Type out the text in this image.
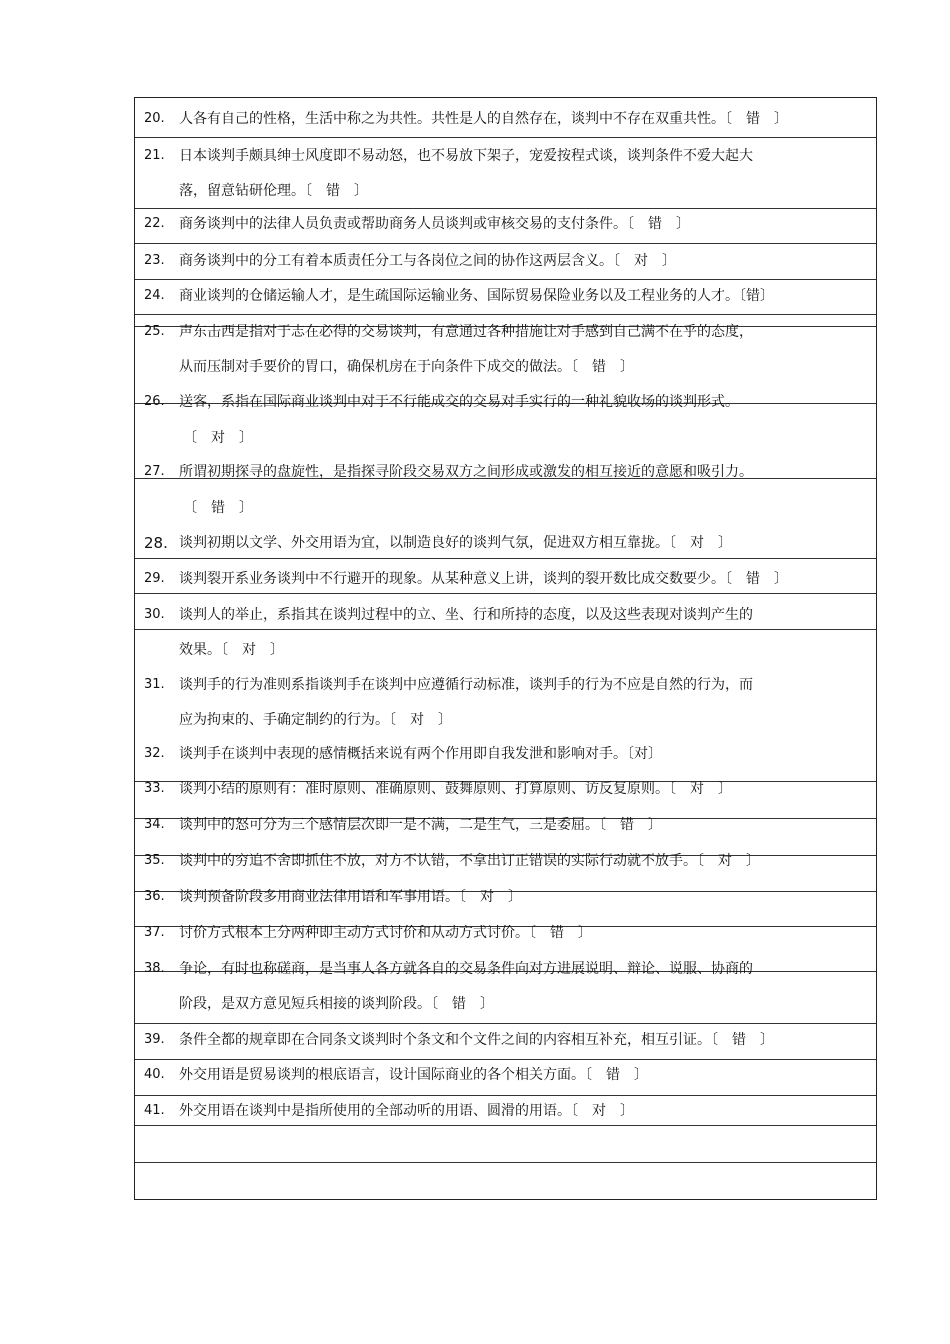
20. 人各有自己的性格，生活中称之为共性。共性是人的自然存在，谈判中不存在双重共性。〔　错　〕
21. 日本谈判手颇具绅士风度即不易动怒，也不易放下架子，宠爱按程式谈，谈判条件不爱大起大
落，留意钻研伦理。〔　错　〕
22. 商务谈判中的法律人员负责或帮助商务人员谈判或审核交易的支付条件。〔　错　〕
23. 商务谈判中的分工有着本质责任分工与各岗位之间的协作这两层含义。〔　对　〕
24. 商业谈判的仓储运输人才，是生疏国际运输业务、国际贸易保险业务以及工程业务的人才。〔错〕
25. 声东击西是指对于志在必得的交易谈判，有意通过各种措施让对手感到自己满不在乎的态度，
从而压制对手要价的胃口，确保机房在于向条件下成交的做法。〔　错　〕
26. 送客，系指在国际商业谈判中对于不行能成交的交易对手实行的一种礼貌收场的谈判形式。
〔　对　〕
27. 所谓初期探寻的盘旋性，是指探寻阶段交易双方之间形成或激发的相互接近的意愿和吸引力。
〔　错　〕
28. 谈判初期以文学、外交用语为宜，以制造良好的谈判气氛，促进双方相互靠拢。〔　对　〕
29. 谈判裂开系业务谈判中不行避开的现象。从某种意义上讲，谈判的裂开数比成交数要少。〔　错　〕
30. 谈判人的举止，系指其在谈判过程中的立、坐、行和所持的态度，以及这些表现对谈判产生的
效果。〔　对　〕
31. 谈判手的行为准则系指谈判手在谈判中应遵循行动标准，谈判手的行为不应是自然的行为，而
应为拘束的、手确定制约的行为。〔　对　〕
32. 谈判手在谈判中表现的感情概括来说有两个作用即自我发泄和影响对手。〔对〕
33. 谈判小结的原则有：准时原则、准确原则、鼓舞原则、打算原则、访反复原则。〔　对　〕
34. 谈判中的怒可分为三个感情层次即一是不满，二是生气，三是委屈。〔　错　〕
35. 谈判中的穷追不舍即抓住不放，对方不认错，不拿出订正错误的实际行动就不放手。〔　对　〕
36. 谈判预备阶段多用商业法律用语和军事用语。〔　对　〕
37. 讨价方式根本上分两种即主动方式讨价和从动方式讨价。〔　错　〕
38. 争论，有时也称磋商，是当事人各方就各自的交易条件向对方进展说明、辩论、说服、协商的
阶段，是双方意见短兵相接的谈判阶段。〔　错　〕
39. 条件全都的规章即在合同条文谈判时个条文和个文件之间的内容相互补充，相互引证。〔　错　〕
40. 外交用语是贸易谈判的根底语言，设计国际商业的各个相关方面。〔　错　〕
41. 外交用语在谈判中是指所使用的全部动听的用语、圆滑的用语。〔　对　〕
